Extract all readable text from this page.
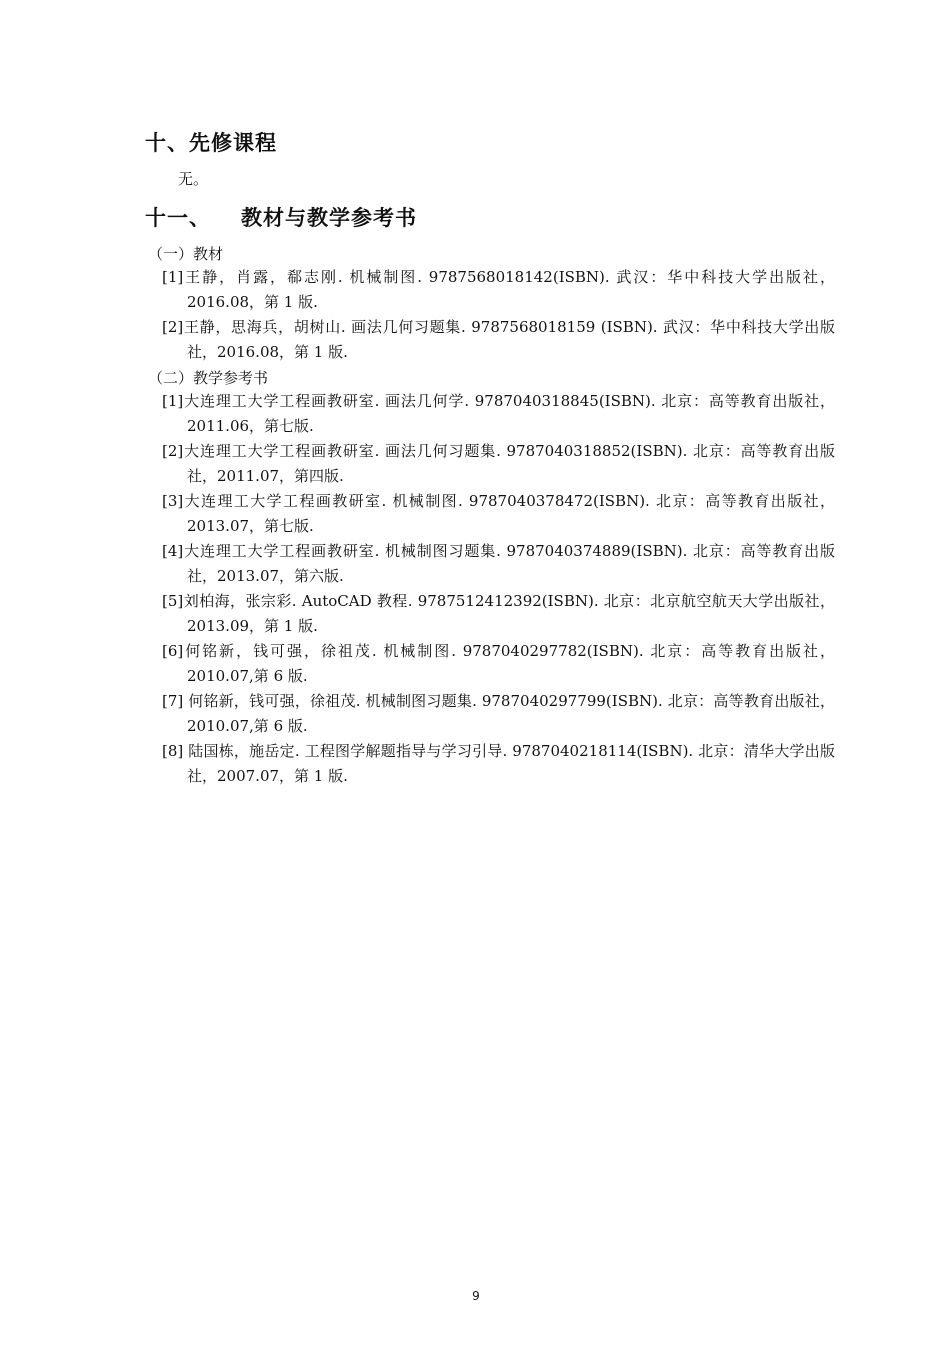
十、先修课程
无。
十一、 教材与教学参考书
（一）教材
[1]王静，肖露，郗志刚. 机械制图. 9787568018142(ISBN). 武汉：华中科技大学出版社，2016.08，第 1 版.
[2]王静，思海兵，胡树山. 画法几何习题集. 9787568018159 (ISBN). 武汉：华中科技大学出版社，2016.08，第 1 版.
（二）教学参考书
[1]大连理工大学工程画教研室. 画法几何学. 9787040318845(ISBN). 北京：高等教育出版社，2011.06，第七版.
[2]大连理工大学工程画教研室. 画法几何习题集. 9787040318852(ISBN). 北京：高等教育出版社，2011.07，第四版.
[3]大连理工大学工程画教研室. 机械制图. 9787040378472(ISBN). 北京：高等教育出版社，2013.07，第七版.
[4]大连理工大学工程画教研室. 机械制图习题集. 9787040374889(ISBN). 北京：高等教育出版社，2013.07，第六版.
[5]刘柏海，张宗彩. AutoCAD 教程. 9787512412392(ISBN). 北京：北京航空航天大学出版社，2013.09，第 1 版.
[6]何铭新，钱可强，徐祖茂. 机械制图. 9787040297782(ISBN). 北京：高等教育出版社，2010.07,第 6 版.
[7] 何铭新，钱可强，徐祖茂. 机械制图习题集. 9787040297799(ISBN). 北京：高等教育出版社，2010.07,第 6 版.
[8] 陆国栋，施岳定. 工程图学解题指导与学习引导. 9787040218114(ISBN). 北京：清华大学出版社，2007.07，第 1 版.
9
